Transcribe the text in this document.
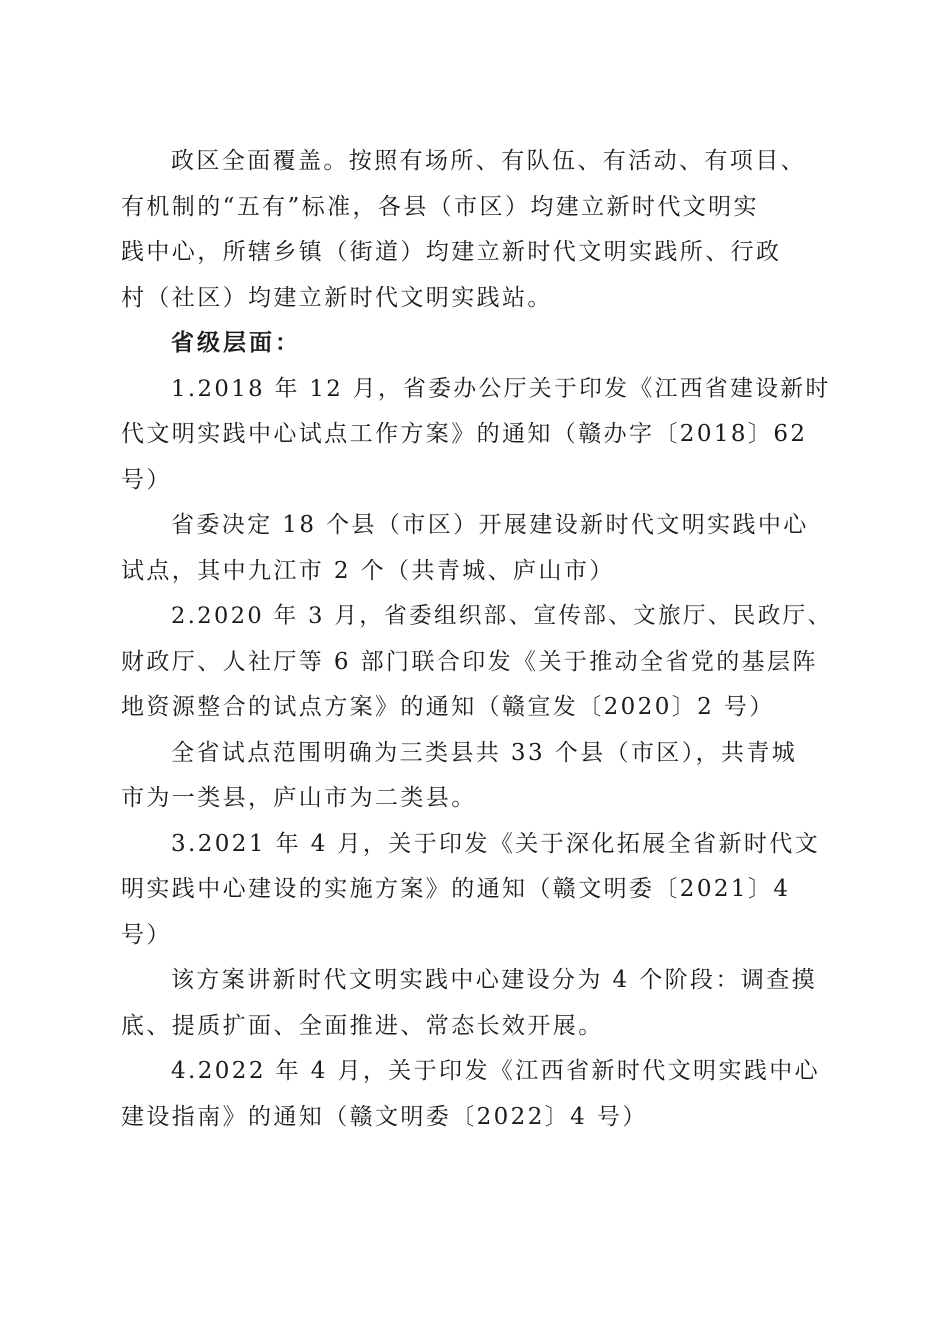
政区全面覆盖。按照有场所、有队伍、有活动、有项目、
有机制的“五有”标准，各县（市区）均建立新时代文明实
践中心，所辖乡镇（街道）均建立新时代文明实践所、行政
村（社区）均建立新时代文明实践站。
省级层面：
1.2018 年 12 月，省委办公厅关于印发《江西省建设新时
代文明实践中心试点工作方案》的通知（赣办字〔2018〕62
号）
省委决定 18 个县（市区）开展建设新时代文明实践中心
试点，其中九江市 2 个（共青城、庐山市）
2.2020 年 3 月，省委组织部、宣传部、文旅厅、民政厅、
财政厅、人社厅等 6 部门联合印发《关于推动全省党的基层阵
地资源整合的试点方案》的通知（赣宣发〔2020〕2 号）
全省试点范围明确为三类县共 33 个县（市区），共青城
市为一类县，庐山市为二类县。
3.2021 年 4 月，关于印发《关于深化拓展全省新时代文
明实践中心建设的实施方案》的通知（赣文明委〔2021〕4
号）
该方案讲新时代文明实践中心建设分为 4 个阶段：调查摸
底、提质扩面、全面推进、常态长效开展。
4.2022 年 4 月，关于印发《江西省新时代文明实践中心
建设指南》的通知（赣文明委〔2022〕4 号）
